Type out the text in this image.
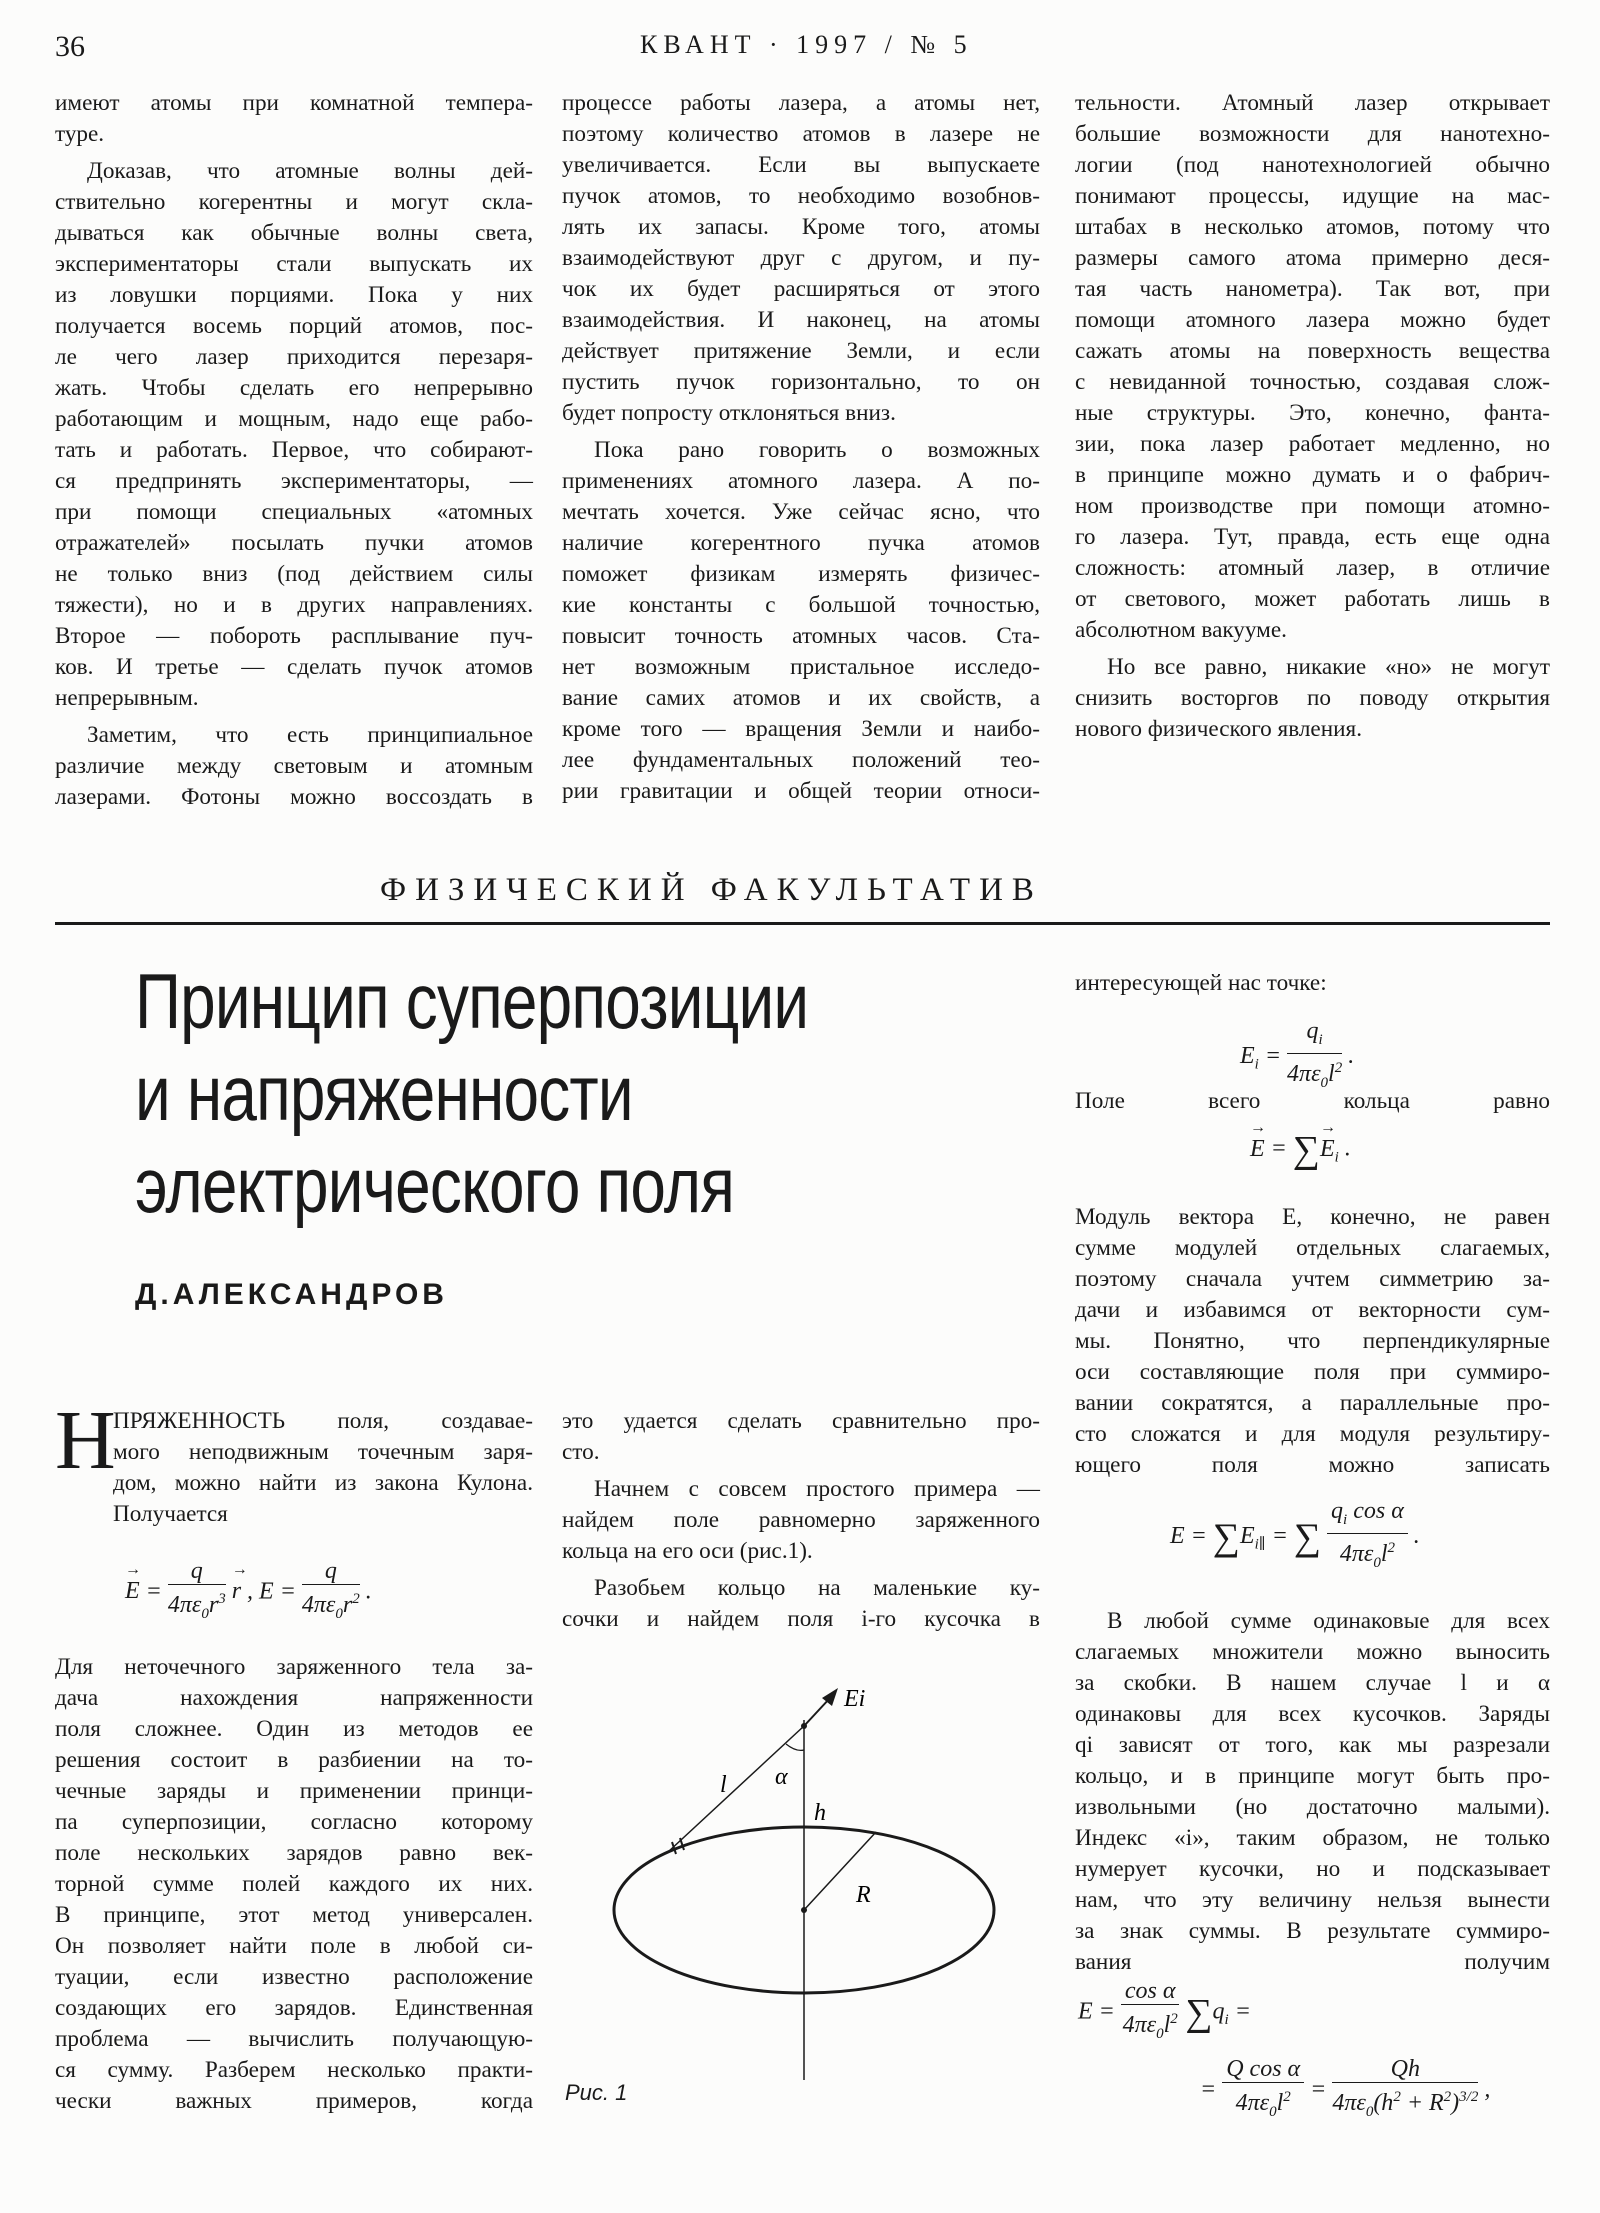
36	КВАНТ · 1997 / № 5
имеют атомы при комнатной темпера-
туре.
Доказав, что атомные волны дей-
ствительно когерентны и могут скла-
дываться как обычные волны света,
экспериментаторы стали выпускать их
из ловушки порциями. Пока у них
получается восемь порций атомов, пос-
ле чего лазер приходится перезаря-
жать. Чтобы сделать его непрерывно
работающим и мощным, надо еще рабо-
тать и работать. Первое, что собирают-
ся предпринять экспериментаторы, —
при помощи специальных «атомных
отражателей» посылать пучки атомов
не только вниз (под действием силы
тяжести), но и в других направлениях.
Второе — побороть расплывание пуч-
ков. И третье — сделать пучок атомов
непрерывным.
Заметим, что есть принципиальное
различие между световым и атомным
лазерами. Фотоны можно воссоздать в
процессе работы лазера, а атомы нет,
поэтому количество атомов в лазере не
увеличивается. Если вы выпускаете
пучок атомов, то необходимо возобнов-
лять их запасы. Кроме того, атомы
взаимодействуют друг с другом, и пу-
чок их будет расширяться от этого
взаимодействия. И наконец, на атомы
действует притяжение Земли, и если
пустить пучок горизонтально, то он
будет попросту отклоняться вниз.
Пока рано говорить о возможных
применениях атомного лазера. А по-
мечтать хочется. Уже сейчас ясно, что
наличие когерентного пучка атомов
поможет физикам измерять физичес-
кие константы с большой точностью,
повысит точность атомных часов. Ста-
нет возможным пристальное исследо-
вание самих атомов и их свойств, а
кроме того — вращения Земли и наибо-
лее фундаментальных положений тео-
рии гравитации и общей теории относи-
тельности. Атомный лазер открывает
большие возможности для нанотехно-
логии (под нанотехнологией обычно
понимают процессы, идущие на мас-
штабах в несколько атомов, потому что
размеры самого атома примерно деся-
тая часть нанометра). Так вот, при
помощи атомного лазера можно будет
сажать атомы на поверхность вещества
с невиданной точностью, создавая слож-
ные структуры. Это, конечно, фанта-
зии, пока лазер работает медленно, но
в принципе можно думать и о фабрич-
ном производстве при помощи атомно-
го лазера. Тут, правда, есть еще одна
сложность: атомный лазер, в отличие
от светового, может работать лишь в
абсолютном вакууме.
Но все равно, никакие «но» не могут
снизить восторгов по поводу открытия
нового физического явления.
ФИЗИЧЕСКИЙ ФАКУЛЬТАТИВ
Принцип суперпозиции
и напряженности
электрического поля
Д.АЛЕКСАНДРОВ
Н
ПРЯЖЕННОСТЬ поля, создавае-
мого неподвижным точечным заря-
дом, можно найти из закона Кулона.
Получается
→ $E = \frac{q}{4\pi\varepsilon_0r^3} \to r$ , $E = \frac{q}{4\pi\varepsilon_0r^2}$ .
Для неточечного заряженного тела за-
дача нахождения напряженности
поля сложнее. Один из методов ее
решения состоит в разбиении на то-
чечные заряды и применении принци-
па суперпозиции, согласно которому
поле нескольких зарядов равно век-
торной сумме полей каждого их них.
В принципе, этот метод универсален.
Он позволяет найти поле в любой си-
туации, если известно расположение
создающих его зарядов. Единственная
проблема — вычислить получающую-
ся сумму. Разберем несколько практи-
чески важных примеров, когда
это удается сделать сравнительно про-
сто.
Начнем с совсем простого примера —
найдем поле равномерно заряженного
кольца на его оси (рис.1).
Разобьем кольцо на маленькие ку-
сочки и найдем поля i-го кусочка в
Ei
l α
h
R
Рис. 1
интересующей нас точке:
$E_i = \frac{q_i}{4\pi\varepsilon_0l^2}$ .
Поле всего кольца равно
→ E = ∑→ $E_i$ .
Модуль вектора E, конечно, не равен
сумме модулей отдельных слагаемых,
поэтому сначала учтем симметрию за-
дачи и избавимся от векторности сум-
мы. Понятно, что перпендикулярные
оси составляющие поля при суммиро-
вании сократятся, а параллельные про-
сто сложатся и для модуля результиру-
ющего поля можно записать
$E = \sum E_{i\parallel}$ = ∑ $\frac{q_i \cos \alpha}{4\pi\varepsilon_0l^2}$ .
В любой сумме одинаковые для всех
слагаемых множители можно выносить
за скобки. В нашем случае l и α
одинаковы для всех кусочков. Заряды
qi зависят от того, как мы разрезали
кольцо, и в принципе могут быть про-
извольными (но достаточно малыми).
Индекс «i», таким образом, не только
нумерует кусочки, но и подсказывает
нам, что эту величину нельзя вынести
за знак суммы. В результате суммиро-
вания получим
$E = \frac{\text{cos α}}{4\pi\varepsilon_0l^2} \sum q_i$ =
= $\frac{\text{Q cos α}}{4\pi\varepsilon_0l^2} = \frac{Qh}{4\pi\varepsilon_0(h^2 + R^2)^{3/2}}$ ,
